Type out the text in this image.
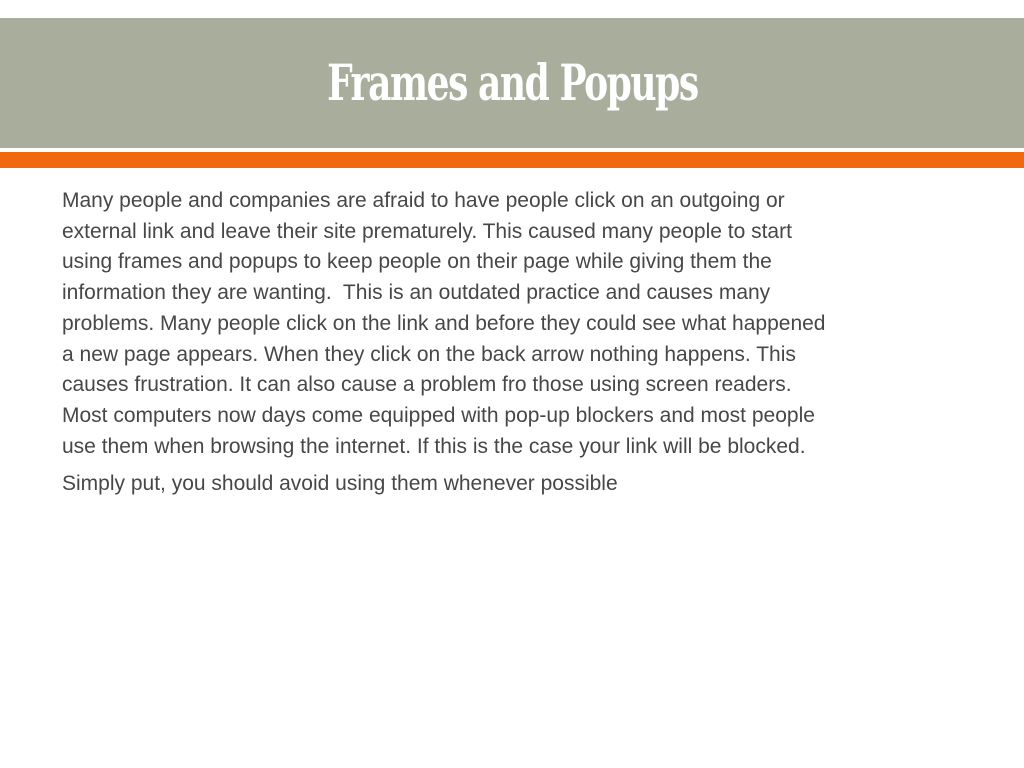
Frames and Popups

Many people and companies are afraid to have people click on an outgoing or
external link and leave their site prematurely. This caused many people to start
using frames and popups to keep people on their page while giving them the
information they are wanting.  This is an outdated practice and causes many
problems. Many people click on the link and before they could see what happened
a new page appears. When they click on the back arrow nothing happens. This
causes frustration. It can also cause a problem fro those using screen readers.
Most computers now days come equipped with pop-up blockers and most people
use them when browsing the internet. If this is the case your link will be blocked.

Simply put, you should avoid using them whenever possible
